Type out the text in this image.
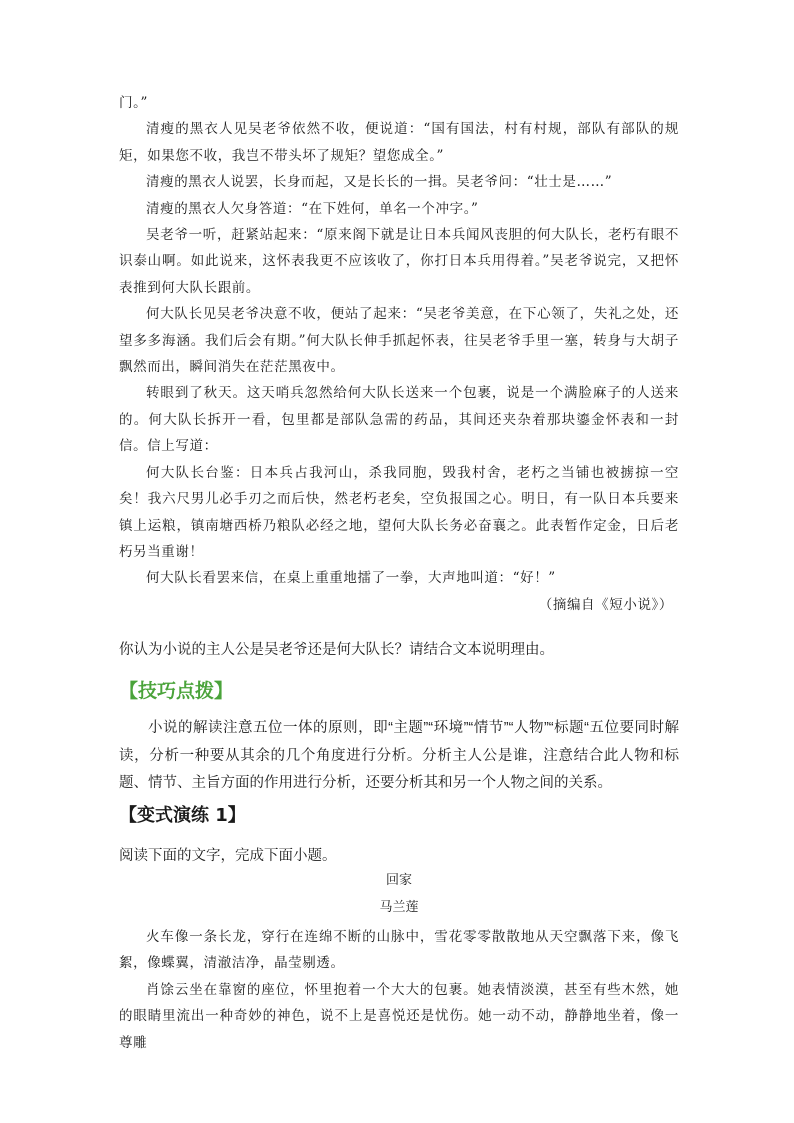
门。”

清瘦的黑衣人见吴老爷依然不收，便说道：“国有国法，村有村规，部队有部队的规矩，如果您不收，我岂不带头坏了规矩？望您成全。”

清瘦的黑衣人说罢，长身而起，又是长长的一揖。吴老爷问：“壮士是……”

清瘦的黑衣人欠身答道：“在下姓何，单名一个冲字。”

吴老爷一听，赶紧站起来：“原来阁下就是让日本兵闻风丧胆的何大队长，老朽有眼不识泰山啊。如此说来，这怀表我更不应该收了，你打日本兵用得着。”吴老爷说完，又把怀表推到何大队长跟前。

何大队长见吴老爷决意不收，便站了起来：“吴老爷美意，在下心领了，失礼之处，还望多多海涵。我们后会有期。”何大队长伸手抓起怀表，往吴老爷手里一塞，转身与大胡子飘然而出，瞬间消失在茫茫黑夜中。

转眼到了秋天。这天哨兵忽然给何大队长送来一个包裹，说是一个满脸麻子的人送来的。何大队长拆开一看，包里都是部队急需的药品，其间还夹杂着那块鎏金怀表和一封信。信上写道：

何大队长台鉴：日本兵占我河山，杀我同胞，毁我村舍，老朽之当铺也被掳掠一空矣！我六尺男儿必手刃之而后快，然老朽老矣，空负报国之心。明日，有一队日本兵要来镇上运粮，镇南塘西桥乃粮队必经之地，望何大队长务必奋襄之。此表暂作定金，日后老朽另当重谢！

何大队长看罢来信，在桌上重重地擂了一拳，大声地叫道：“好！”

（摘编自《短小说》）

你认为小说的主人公是吴老爷还是何大队长？请结合文本说明理由。

【技巧点拨】

小说的解读注意五位一体的原则，即“主题”“环境”“情节”“人物”“标题“五位要同时解读，分析一种要从其余的几个角度进行分析。分析主人公是谁，注意结合此人物和标题、情节、主旨方面的作用进行分析，还要分析其和另一个人物之间的关系。

【变式演练 1】

阅读下面的文字，完成下面小题。

回家

马兰莲

火车像一条长龙，穿行在连绵不断的山脉中，雪花零零散散地从天空飘落下来，像飞絮，像蝶翼，清澈洁净，晶莹剔透。

肖馀云坐在靠窗的座位，怀里抱着一个大大的包裹。她表情淡漠，甚至有些木然，她的眼睛里流出一种奇妙的神色，说不上是喜悦还是忧伤。她一动不动，静静地坐着，像一尊雕
